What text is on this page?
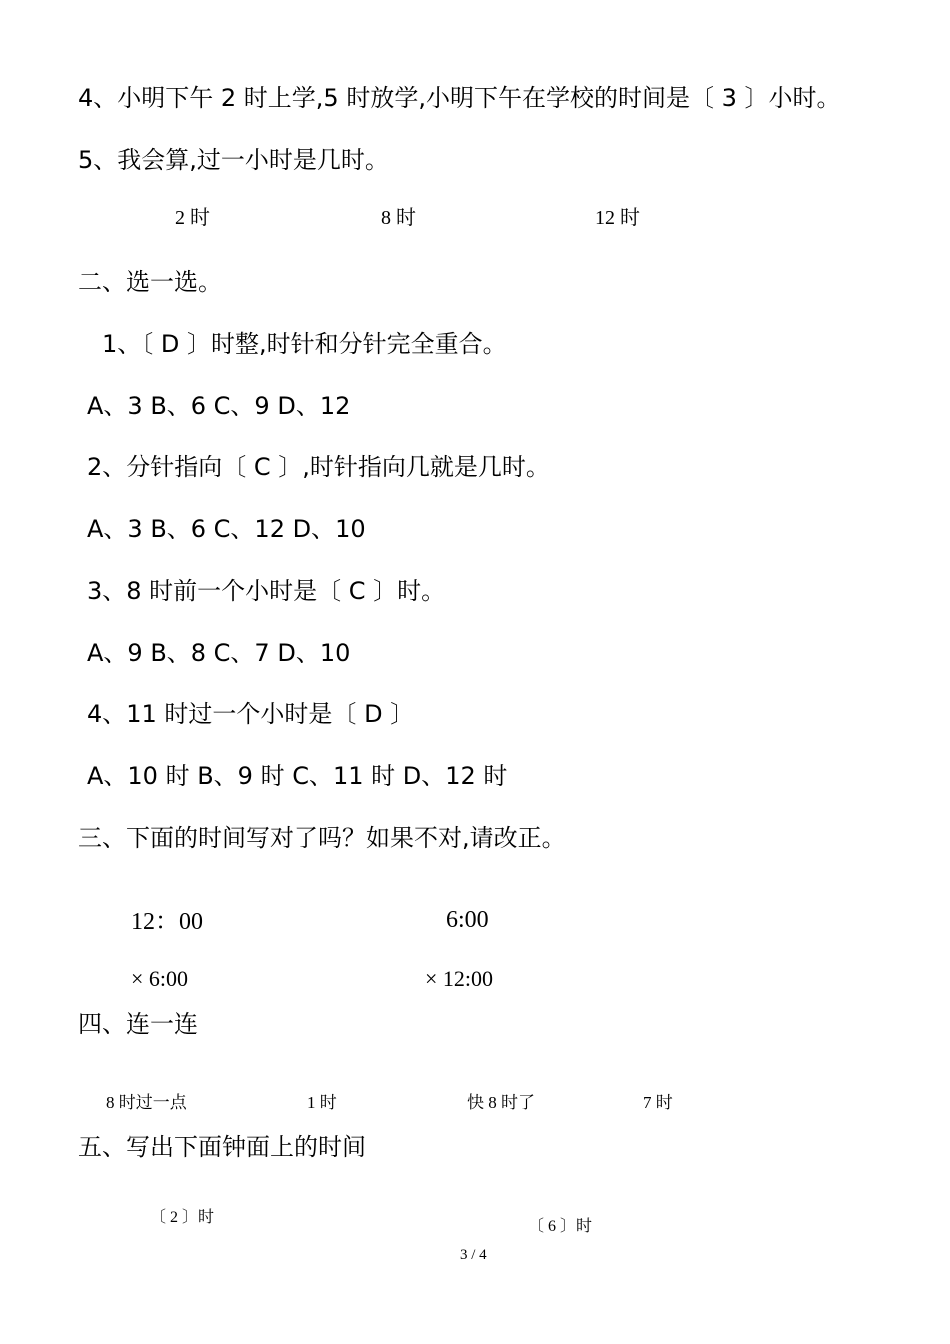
4、小明下午 2 时上学,5 时放学,小明下午在学校的时间是〔 3 〕小时。
5、我会算,过一小时是几时。
2 时	8 时	12 时
二、选一选。
1、〔 D 〕时整,时针和分针完全重合。
A、3 B、6 C、9 D、12
2、分针指向〔 C 〕,时针指向几就是几时。
A、3 B、6 C、12 D、10
3、8 时前一个小时是〔 C 〕时。
A、9 B、8 C、7 D、10
4、11 时过一个小时是〔 D 〕
A、10 时 B、9 时 C、11 时 D、12 时
三、下面的时间写对了吗？如果不对,请改正。
12：00	6:00
× 6:00	× 12:00
四、连一连
8 时过一点	1 时	快 8 时了	7 时
五、写出下面钟面上的时间
〔 2 〕时
〔 6 〕时
3 / 4
